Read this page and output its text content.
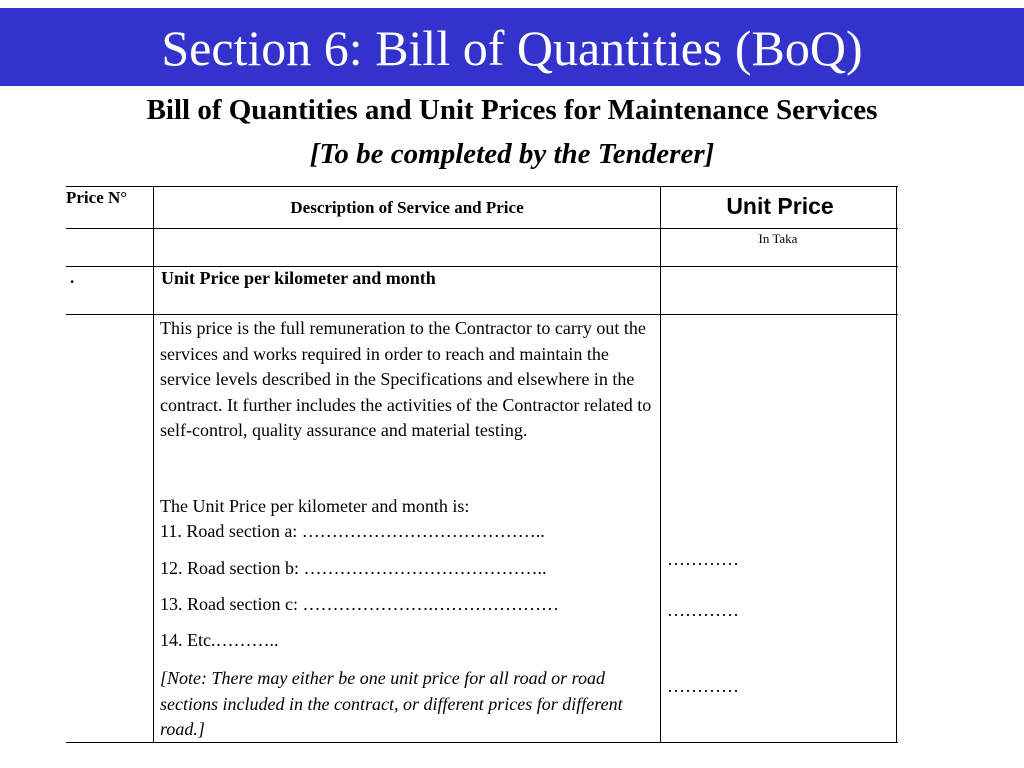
Section 6: Bill of Quantities (BoQ)
Bill of Quantities and Unit Prices for Maintenance Services
[To be completed by the Tenderer]
Price N°
Description of Service and Price	Unit Price
In Taka
.	Unit Price per kilometer and month
This price is the full remuneration to the Contractor to carry out the services and works required in order to reach and maintain the service levels described in the Specifications and elsewhere in the contract. It further includes the activities of the Contractor related to self-control, quality assurance and material testing.
The Unit Price per kilometer and month is:
11. Road section a: …………………………………..
12. Road section b: …………………………………..
13. Road section c: ………………….…………………
14. Etc.………..
[Note: There may either be one unit price for all road or road sections included in the contract, or different prices for different road.]
…………
…………
…………
